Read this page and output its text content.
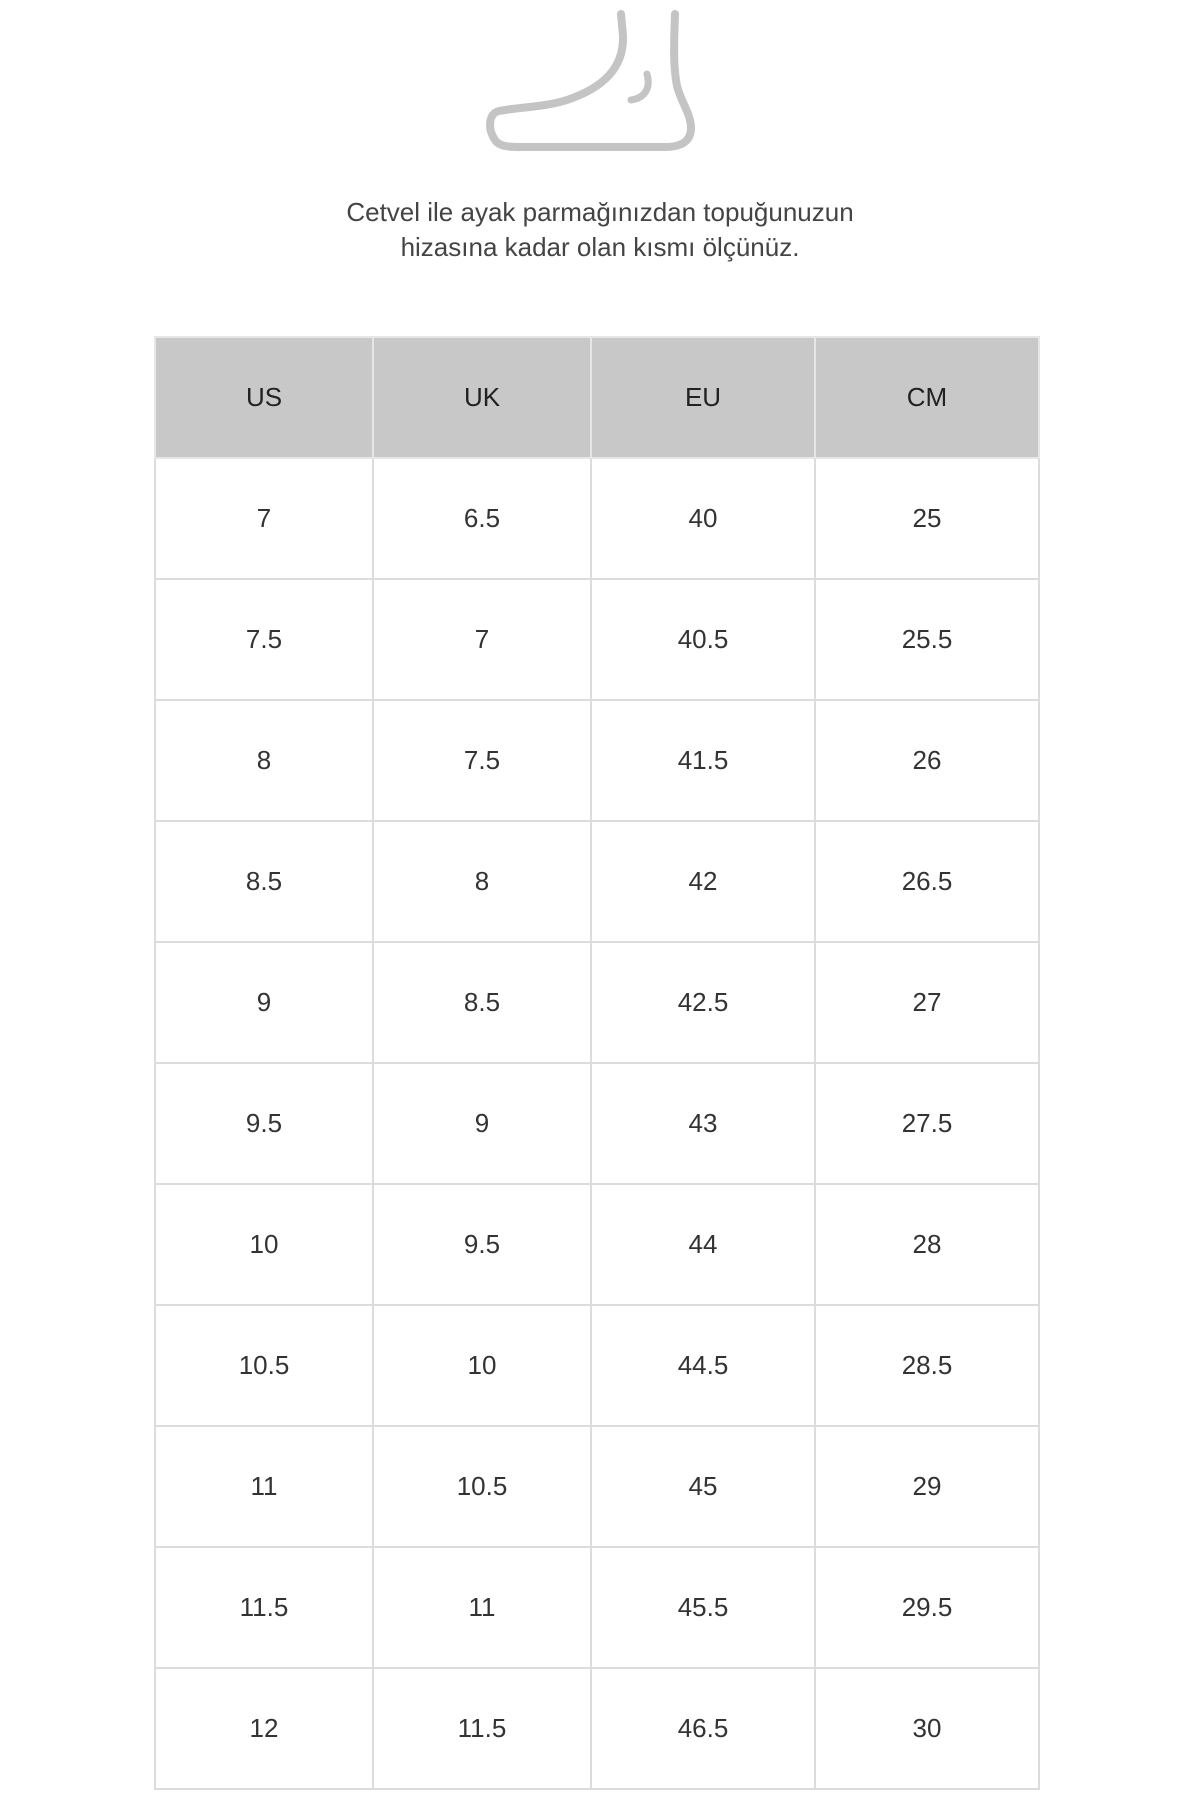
Cetvel ile ayak parmağınızdan topuğunuzun
hizasına kadar olan kısmı ölçünüz.
US	UK	EU	CM
7	6.5	40	25
7.5	7	40.5	25.5
8	7.5	41.5	26
8.5	8	42	26.5
9	8.5	42.5	27
9.5	9	43	27.5
10	9.5	44	28
10.5	10	44.5	28.5
11	10.5	45	29
11.5	11	45.5	29.5
12	11.5	46.5	30
